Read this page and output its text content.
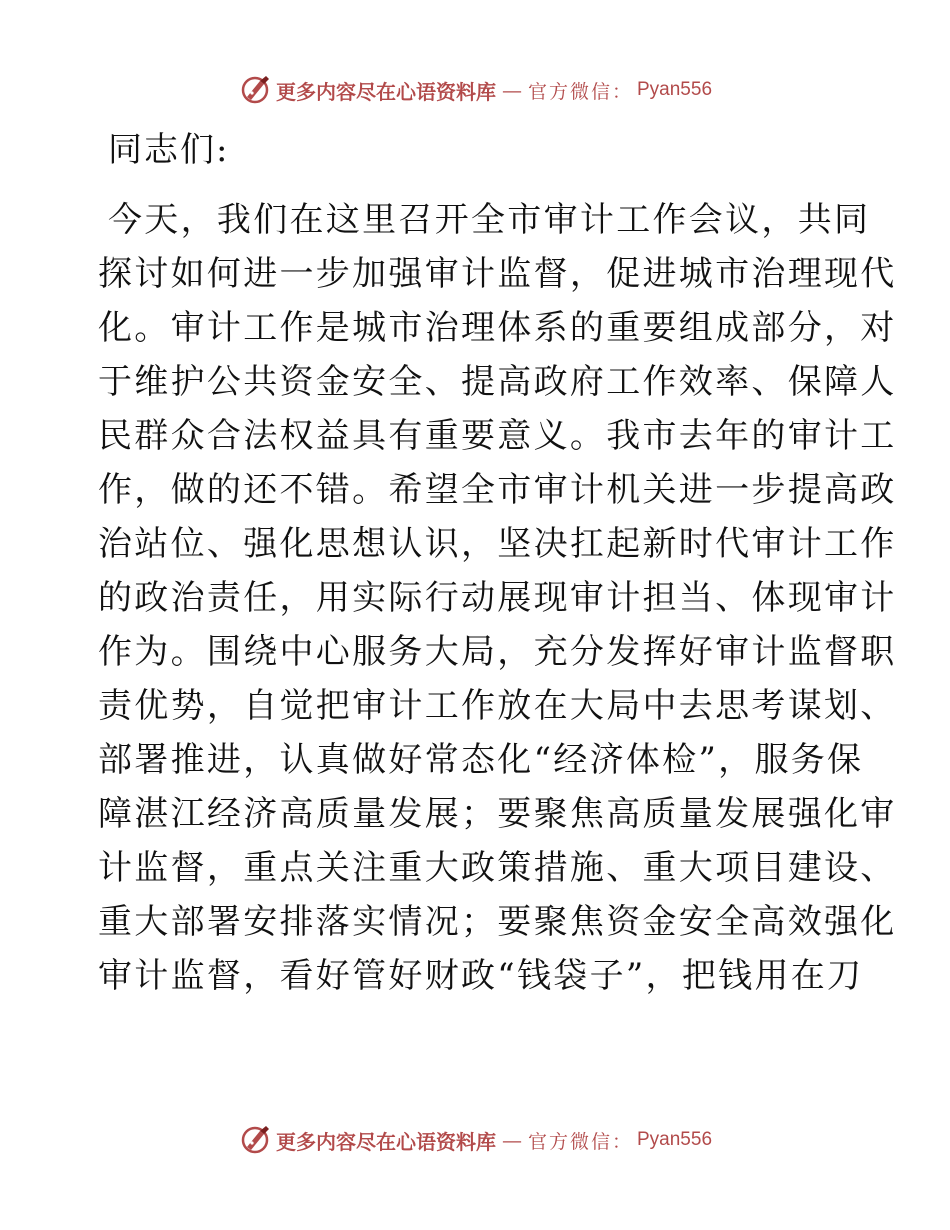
更多内容尽在心语资料库 — 官方微信： Pyan556

同志们:

今天，我们在这里召开全市审计工作会议，共同
探讨如何进一步加强审计监督，促进城市治理现代
化。审计工作是城市治理体系的重要组成部分，对
于维护公共资金安全、提高政府工作效率、保障人
民群众合法权益具有重要意义。我市去年的审计工
作，做的还不错。希望全市审计机关进一步提高政
治站位、强化思想认识，坚决扛起新时代审计工作
的政治责任，用实际行动展现审计担当、体现审计
作为。围绕中心服务大局，充分发挥好审计监督职
责优势，自觉把审计工作放在大局中去思考谋划、
部署推进，认真做好常态化“经济体检”，服务保
障湛江经济高质量发展；要聚焦高质量发展强化审
计监督，重点关注重大政策措施、重大项目建设、
重大部署安排落实情况；要聚焦资金安全高效强化
审计监督，看好管好财政“钱袋子”，把钱用在刀
更多内容尽在心语资料库 — 官方微信： Pyan556
